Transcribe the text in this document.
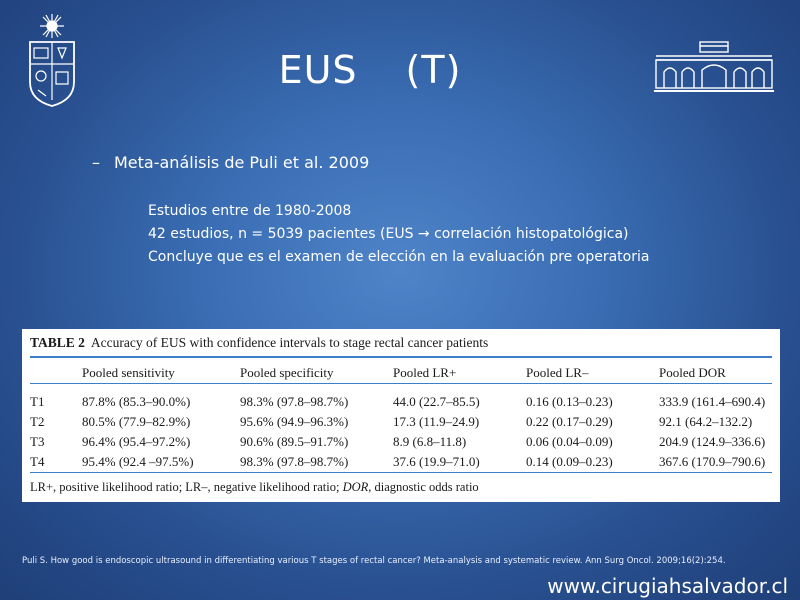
EUS (T)
– Meta-análisis de Puli et al. 2009
Estudios entre de 1980-2008
42 estudios, n = 5039 pacientes (EUS → correlación histopatológica)
Concluye que es el examen de elección en la evaluación pre operatoria
TABLE 2 Accuracy of EUS with confidence intervals to stage rectal cancer patients
	Pooled sensitivity	Pooled specificity	Pooled LR+	Pooled LR–	Pooled DOR
T1	87.8% (85.3–90.0%)	98.3% (97.8–98.7%)	44.0 (22.7–85.5)	0.16 (0.13–0.23)	333.9 (161.4–690.4)
T2	80.5% (77.9–82.9%)	95.6% (94.9–96.3%)	17.3 (11.9–24.9)	0.22 (0.17–0.29)	92.1 (64.2–132.2)
T3	96.4% (95.4–97.2%)	90.6% (89.5–91.7%)	8.9 (6.8–11.8)	0.06 (0.04–0.09)	204.9 (124.9–336.6)
T4	95.4% (92.4 –97.5%)	98.3% (97.8–98.7%)	37.6 (19.9–71.0)	0.14 (0.09–0.23)	367.6 (170.9–790.6)
LR+, positive likelihood ratio; LR–, negative likelihood ratio; DOR, diagnostic odds ratio
Puli S. How good is endoscopic ultrasound in differentiating various T stages of rectal cancer? Meta-analysis and systematic review. Ann Surg Oncol. 2009;16(2):254.
www.cirugiahsalvador.cl
